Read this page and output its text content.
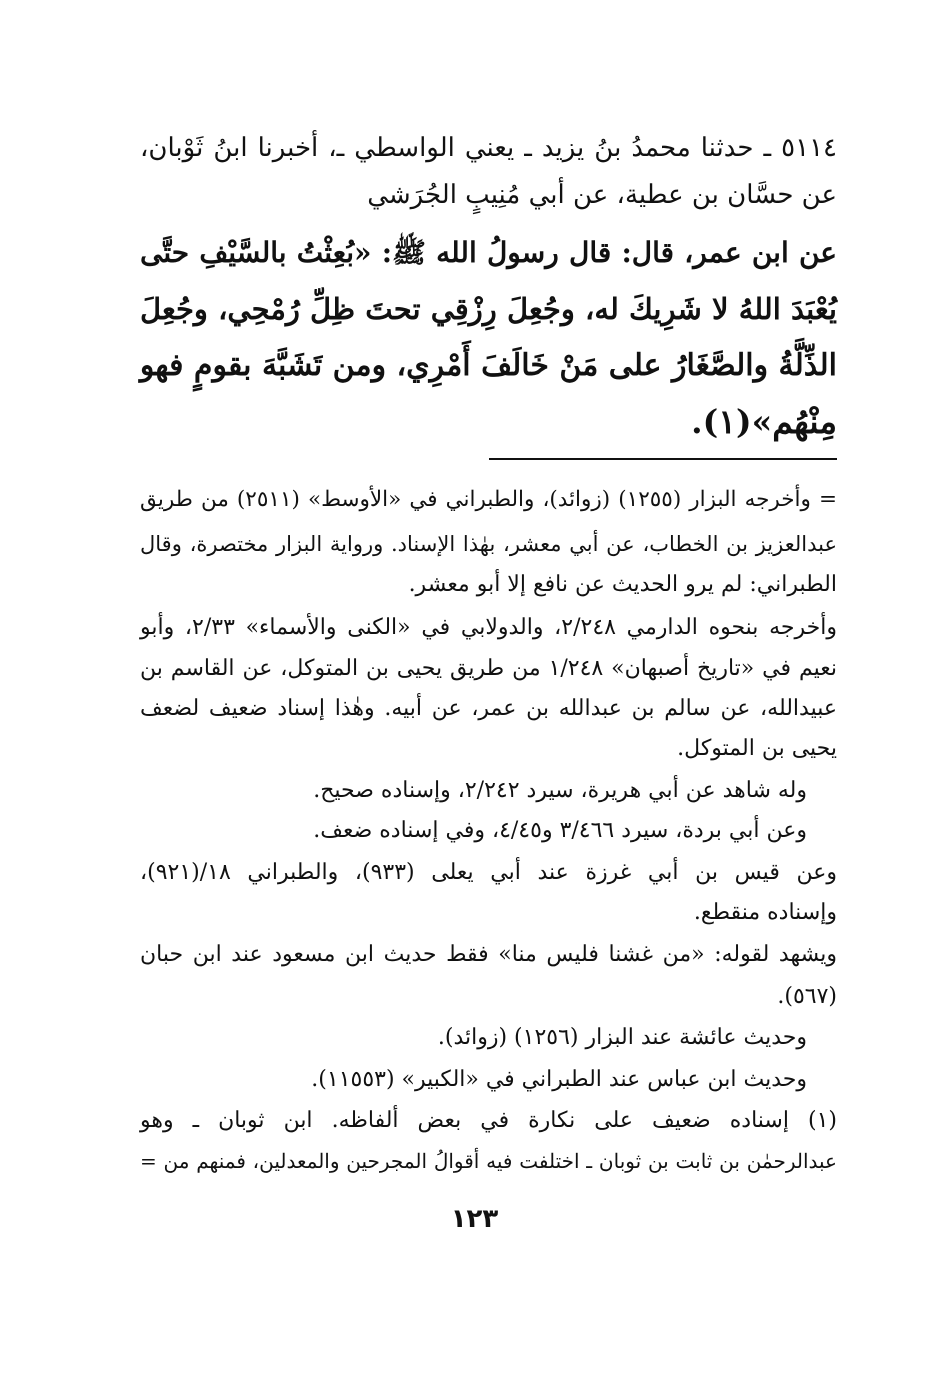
٥١١٤ ـ حدثنا محمدُ بنُ يزيد ـ يعني الواسطي ـ، أخبرنا ابنُ ثَوْبان،
عن حسَّان بن عطية، عن أبي مُنِيبٍ الجُرَشي
عن ابن عمر، قال: قال رسولُ الله ﷺ: «بُعِثْتُ بالسَّيْفِ حتَّى
يُعْبَدَ اللهُ لا شَرِيكَ له، وجُعِلَ رِزْقِي تحتَ ظِلِّ رُمْحِي، وجُعِلَ
الذِّلَّةُ والصَّغَارُ على مَنْ خَالَفَ أَمْرِي، ومن تَشَبَّهَ بقومٍ فهو
مِنْهُم»(١).
= وأخرجه البزار (١٢٥٥) (زوائد)، والطبراني في «الأوسط» (٢٥١١) من طريق
عبدالعزيز بن الخطاب، عن أبي معشر، بهٰذا الإسناد. ورواية البزار مختصرة، وقال
الطبراني: لم يرو الحديث عن نافع إلا أبو معشر.
وأخرجه بنحوه الدارمي ٢/٢٤٨، والدولابي في «الكنى والأسماء» ٢/٣٣، وأبو
نعيم في «تاريخ أصبهان» ١/٢٤٨ من طريق يحيى بن المتوكل، عن القاسم بن
عبيدالله، عن سالم بن عبدالله بن عمر، عن أبيه. وهٰذا إسناد ضعيف لضعف
يحيى بن المتوكل.
وله شاهد عن أبي هريرة، سيرد ٢/٢٤٢، وإسناده صحيح.
وعن أبي بردة، سيرد ٣/٤٦٦ و٤/٤٥، وفي إسناده ضعف.
وعن قيس بن أبي غرزة عند أبي يعلى (٩٣٣)، والطبراني ١٨/(٩٢١)،
وإسناده منقطع.
ويشهد لقوله: «من غشنا فليس منا» فقط حديث ابن مسعود عند ابن حبان
(٥٦٧).
وحديث عائشة عند البزار (١٢٥٦) (زوائد).
وحديث ابن عباس عند الطبراني في «الكبير» (١١٥٥٣).
(١) إسناده ضعيف على نكارة في بعض ألفاظه. ابن ثوبان ـ وهو
عبدالرحمٰن بن ثابت بن ثوبان ـ اختلفت فيه أقوالُ المجرحين والمعدلين، فمنهم من =
١٢٣
